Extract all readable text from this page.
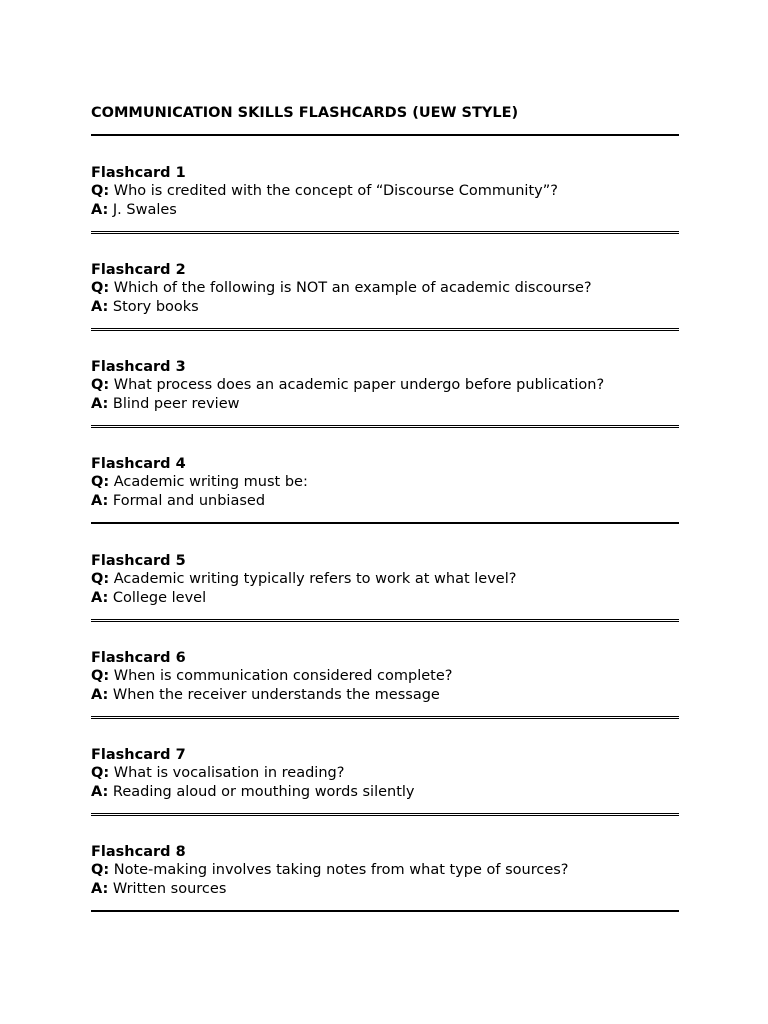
COMMUNICATION SKILLS FLASHCARDS (UEW STYLE)
Flashcard 1
Q: Who is credited with the concept of “Discourse Community”?
A: J. Swales
Flashcard 2
Q: Which of the following is NOT an example of academic discourse?
A: Story books
Flashcard 3
Q: What process does an academic paper undergo before publication?
A: Blind peer review
Flashcard 4
Q: Academic writing must be:
A: Formal and unbiased
Flashcard 5
Q: Academic writing typically refers to work at what level?
A: College level
Flashcard 6
Q: When is communication considered complete?
A: When the receiver understands the message
Flashcard 7
Q: What is vocalisation in reading?
A: Reading aloud or mouthing words silently
Flashcard 8
Q: Note-making involves taking notes from what type of sources?
A: Written sources
